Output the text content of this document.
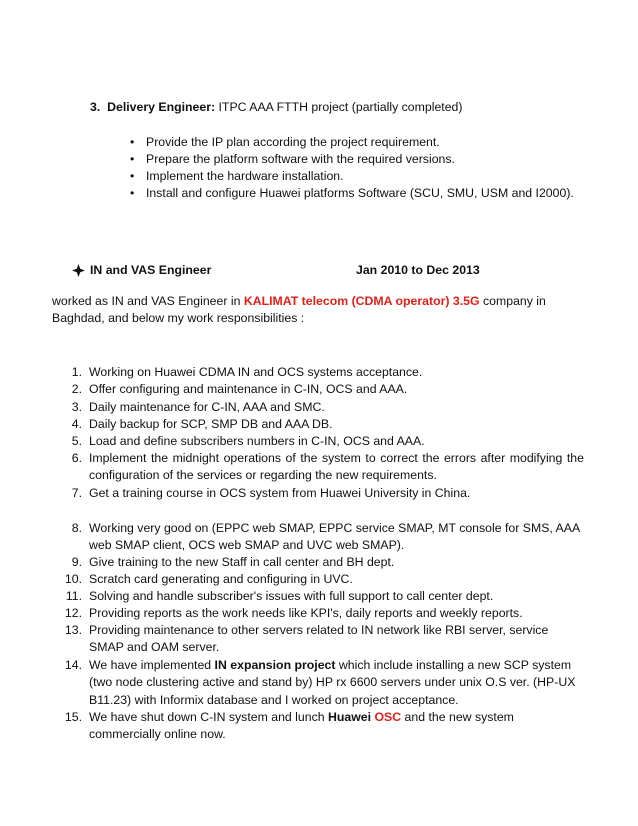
3. Delivery Engineer: ITPC AAA FTTH project (partially completed)
• Provide the IP plan according the project requirement.
• Prepare the platform software with the required versions.
• Implement the hardware installation.
• Install and configure Huawei platforms Software (SCU, SMU, USM and I2000).
IN and VAS Engineer	Jan 2010 to Dec 2013
worked as IN and VAS Engineer in KALIMAT telecom (CDMA operator) 3.5G company in Baghdad, and below my work responsibilities :
1. Working on Huawei CDMA IN and OCS systems acceptance.
2. Offer configuring and maintenance in C-IN, OCS and AAA.
3. Daily maintenance for C-IN, AAA and SMC.
4. Daily backup for SCP, SMP DB and AAA DB.
5. Load and define subscribers numbers in C-IN, OCS and AAA.
6. Implement the midnight operations of the system to correct the errors after modifying the configuration of the services or regarding the new requirements.
7. Get a training course in OCS system from Huawei University in China.
8. Working very good on (EPPC web SMAP, EPPC service SMAP, MT console for SMS, AAA web SMAP client, OCS web SMAP and UVC web SMAP).
9. Give training to the new Staff in call center and BH dept.
10. Scratch card generating and configuring in UVC.
11. Solving and handle subscriber's issues with full support to call center dept.
12. Providing reports as the work needs like KPI's, daily reports and weekly reports.
13. Providing maintenance to other servers related to IN network like RBI server, service SMAP and OAM server.
14. We have implemented IN expansion project which include installing a new SCP system (two node clustering active and stand by) HP rx 6600 servers under unix O.S ver. (HP-UX B11.23) with Informix database and I worked on project acceptance.
15. We have shut down C-IN system and lunch Huawei OSC and the new system commercially online now.
